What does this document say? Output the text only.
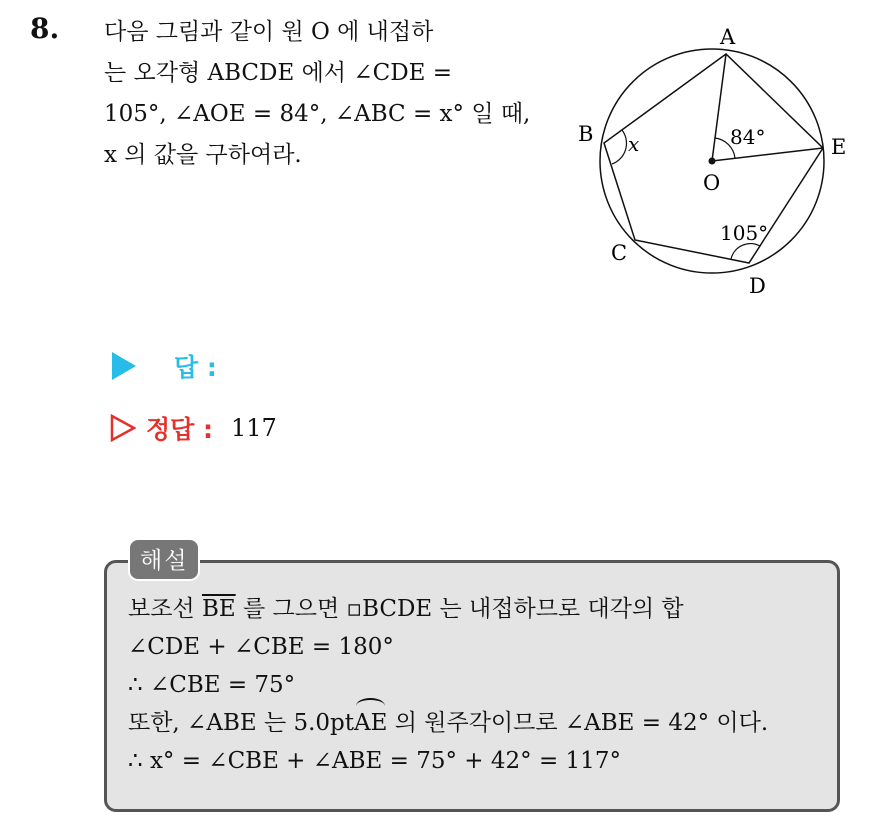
8. 다음 그림과 같이 원 O 에 내접하
는 오각형 ABCDE 에서 ∠CDE =
105°, ∠AOE = 84°, ∠ABC = x° 일 때,
x 의 값을 구하여라.
A
B
C
D
E
O
x	84°
105°
답 :
정답 : 117
해설
보조선 $\overline{BE}$ 를 그으면 ▫BCDE 는 내접하므로 대각의 합
∠CDE + ∠CBE = 180°
∴ ∠CBE = 75°
또한, ∠ABE 는 5.0ptAE 의 원주각이므로 ∠ABE = 42° 이다.
∴ x° = ∠CBE + ∠ABE = 75° + 42° = 117°
